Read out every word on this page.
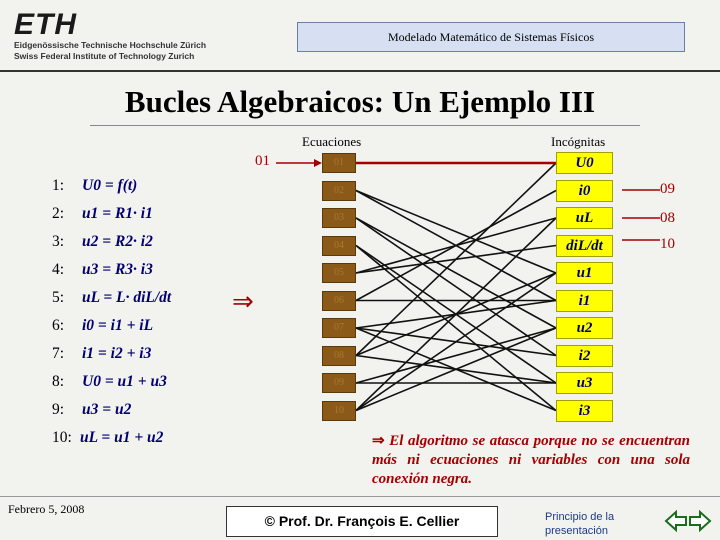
ETH
Eidgenössische Technische Hochschule Zürich
Swiss Federal Institute of Technology Zurich
Modelado Matemático de Sistemas Físicos
Bucles Algebraicos: Un Ejemplo III
Ecuaciones	Incógnitas
01
1: U0 = f(t)
2: u1 = R1· i1
3: u2 = R2· i2
4: u3 = R3· i3
5: uL = L· diL/dt
6: i0 = i1 + iL
7: i1 = i2 + i3
8: U0 = u1 + u3
9: u3 = u2
10: uL = u1 + u2
⇒
01
02
03
04
05
06
07
08
09
10
U0
i0
uL
diL/dt
u1
i1
u2
i2
u3
i3
09
08
10
⇒ El algoritmo se atasca porque no se encuentran más ni ecuaciones ni variables con una sola conexión negra.
Febrero 5, 2008
© Prof. Dr. François E. Cellier	Principio de la presentación
